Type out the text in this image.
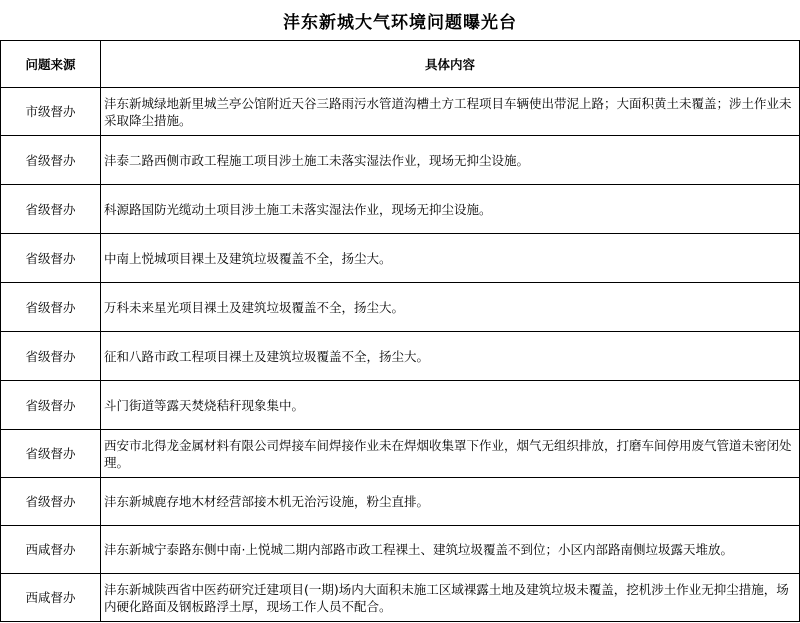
沣东新城大气环境问题曝光台
问题来源	具体内容
市级督办	沣东新城绿地新里城兰亭公馆附近天谷三路雨污水管道沟槽土方工程项目车辆使出带泥上路；大面积黄土未覆盖；涉土作业未采取降尘措施。
省级督办	沣泰二路西侧市政工程施工项目涉土施工未落实湿法作业，现场无抑尘设施。
省级督办	科源路国防光缆动土项目涉土施工未落实湿法作业，现场无抑尘设施。
省级督办	中南上悦城项目裸土及建筑垃圾覆盖不全，扬尘大。
省级督办	万科未来星光项目裸土及建筑垃圾覆盖不全，扬尘大。
省级督办	征和八路市政工程项目裸土及建筑垃圾覆盖不全，扬尘大。
省级督办	斗门街道等露天焚烧秸秆现象集中。
省级督办	西安市北得龙金属材料有限公司焊接车间焊接作业未在焊烟收集罩下作业，烟气无组织排放，打磨车间停用废气管道未密闭处理。
省级督办	沣东新城鹿存地木材经营部接木机无治污设施，粉尘直排。
西咸督办	沣东新城宁泰路东侧中南·上悦城二期内部路市政工程裸土、建筑垃圾覆盖不到位；小区内部路南侧垃圾露天堆放。
西咸督办	沣东新城陕西省中医药研究迁建项目(一期)场内大面积未施工区域裸露土地及建筑垃圾未覆盖，挖机涉土作业无抑尘措施，场内硬化路面及钢板路浮土厚，现场工作人员不配合。
